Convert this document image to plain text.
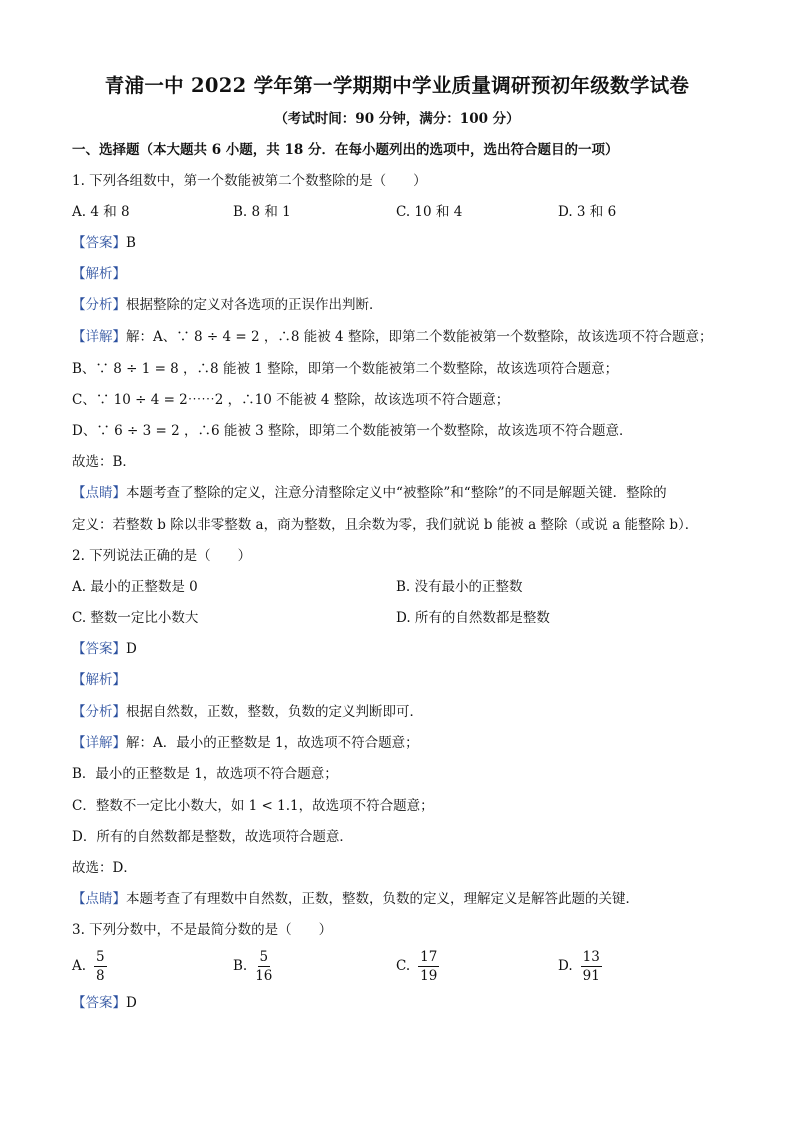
青浦一中 2022 学年第一学期期中学业质量调研预初年级数学试卷
（考试时间：90 分钟，满分：100 分）
一、选择题（本大题共 6 小题，共 18 分．在每小题列出的选项中，选出符合题目的一项）
1. 下列各组数中，第一个数能被第二个数整除的是（　　）
A. 4 和 8	B. 8 和 1	C. 10 和 4	D. 3 和 6
【答案】B
【解析】
【分析】根据整除的定义对各选项的正误作出判断．
【详解】解：A、∵ 8 ÷ 4 = 2 ，∴8 能被 4 整除，即第二个数能被第一个数整除，故该选项不符合题意；
B、∵ 8 ÷ 1 = 8 ，∴8 能被 1 整除，即第一个数能被第二个数整除，故该选项符合题意；
C、∵ 10 ÷ 4 = 2⋯⋯2 ，∴10 不能被 4 整除，故该选项不符合题意；
D、∵ 6 ÷ 3 = 2 ，∴6 能被 3 整除，即第二个数能被第一个数整除，故该选项不符合题意．
故选：B．
【点睛】本题考查了整除的定义，注意分清整除定义中“被整除”和“整除”的不同是解题关键．整除的
定义：若整数 b 除以非零整数 a，商为整数，且余数为零，我们就说 b 能被 a 整除（或说 a 能整除 b）．
2. 下列说法正确的是（　　）
A. 最小的正整数是 0	B. 没有最小的正整数
C. 整数一定比小数大	D. 所有的自然数都是整数
【答案】D
【解析】
【分析】根据自然数，正数，整数，负数的定义判断即可．
【详解】解：A．最小的正整数是 1，故选项不符合题意；
B．最小的正整数是 1，故选项不符合题意；
C．整数不一定比小数大，如 1 < 1.1，故选项不符合题意；
D．所有的自然数都是整数，故选项符合题意．
故选：D．
【点睛】本题考查了有理数中自然数，正数，整数，负数的定义，理解定义是解答此题的关键．
3. 下列分数中，不是最简分数的是（　　）
A. $\frac{5}{8}$	B. $\frac{5}{16}$	C. $\frac{17}{19}$	D. $\frac{13}{91}$
【答案】D
